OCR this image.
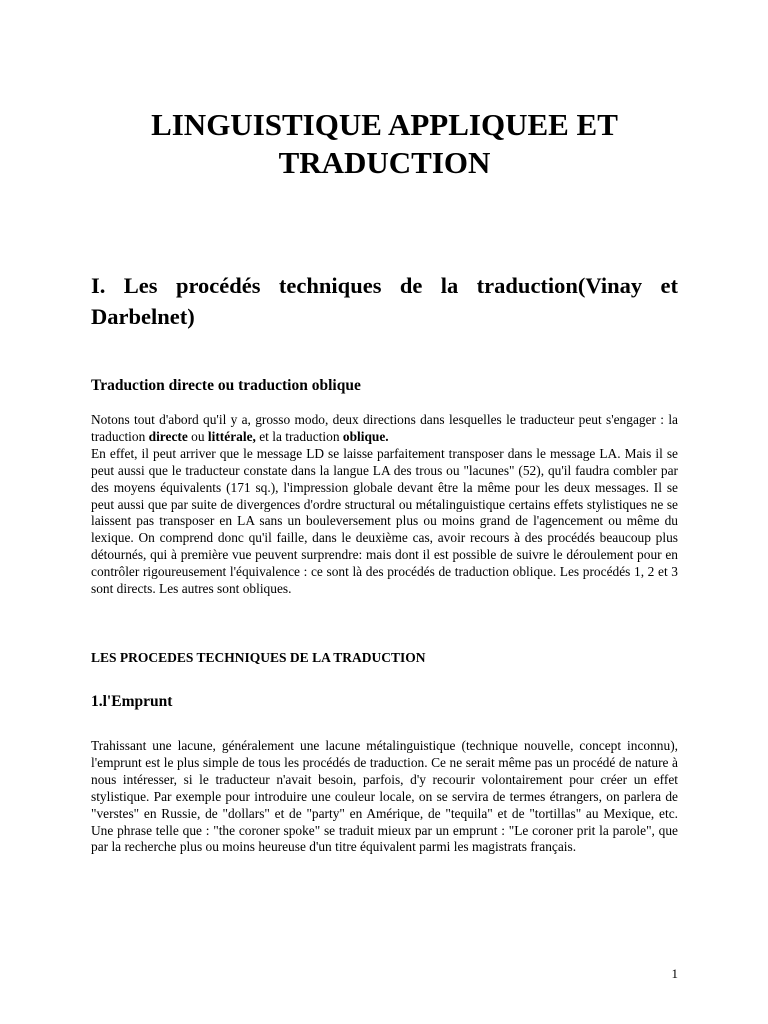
LINGUISTIQUE APPLIQUEE ET
TRADUCTION
I. Les procédés techniques de la traduction(Vinay et Darbelnet)
Traduction directe ou traduction oblique

Notons tout d'abord qu'il y a, grosso modo, deux directions dans lesquelles le traducteur peut s'engager : la traduction directe ou littérale, et la traduction oblique.
En effet, il peut arriver que le message LD se laisse parfaitement transposer dans le message LA. Mais il se peut aussi que le traducteur constate dans la langue LA des trous ou "lacunes" (52), qu'il faudra combler par des moyens équivalents (171 sq.), l'impression globale devant être la même pour les deux messages. Il se peut aussi que par suite de divergences d'ordre structural ou métalinguistique certains effets stylistiques ne se laissent pas transposer en LA sans un bouleversement plus ou moins grand de l'agencement ou même du lexique. On comprend donc qu'il faille, dans le deuxième cas, avoir recours à des procédés beaucoup plus détournés, qui à première vue peuvent surprendre: mais dont il est possible de suivre le déroulement pour en contrôler rigoureusement l'équivalence : ce sont là des procédés de traduction oblique. Les procédés 1, 2 et 3 sont directs. Les autres sont obliques.

LES PROCEDES TECHNIQUES DE LA TRADUCTION
1.l'Emprunt

Trahissant une lacune, généralement une lacune métalinguistique (technique nouvelle, concept inconnu), l'emprunt est le plus simple de tous les procédés de traduction. Ce ne serait même pas un procédé de nature à nous intéresser, si le traducteur n'avait besoin, parfois, d'y recourir volontairement pour créer un effet stylistique. Par exemple pour introduire une couleur locale, on se servira de termes étrangers, on parlera de "verstes" en Russie, de "dollars" et de "party" en Amérique, de "tequila" et de "tortillas" au Mexique, etc. Une phrase telle que : "the coroner spoke" se traduit mieux par un emprunt : "Le coroner prit la parole", que par la recherche plus ou moins heureuse d'un titre équivalent parmi les magistrats français.

1
